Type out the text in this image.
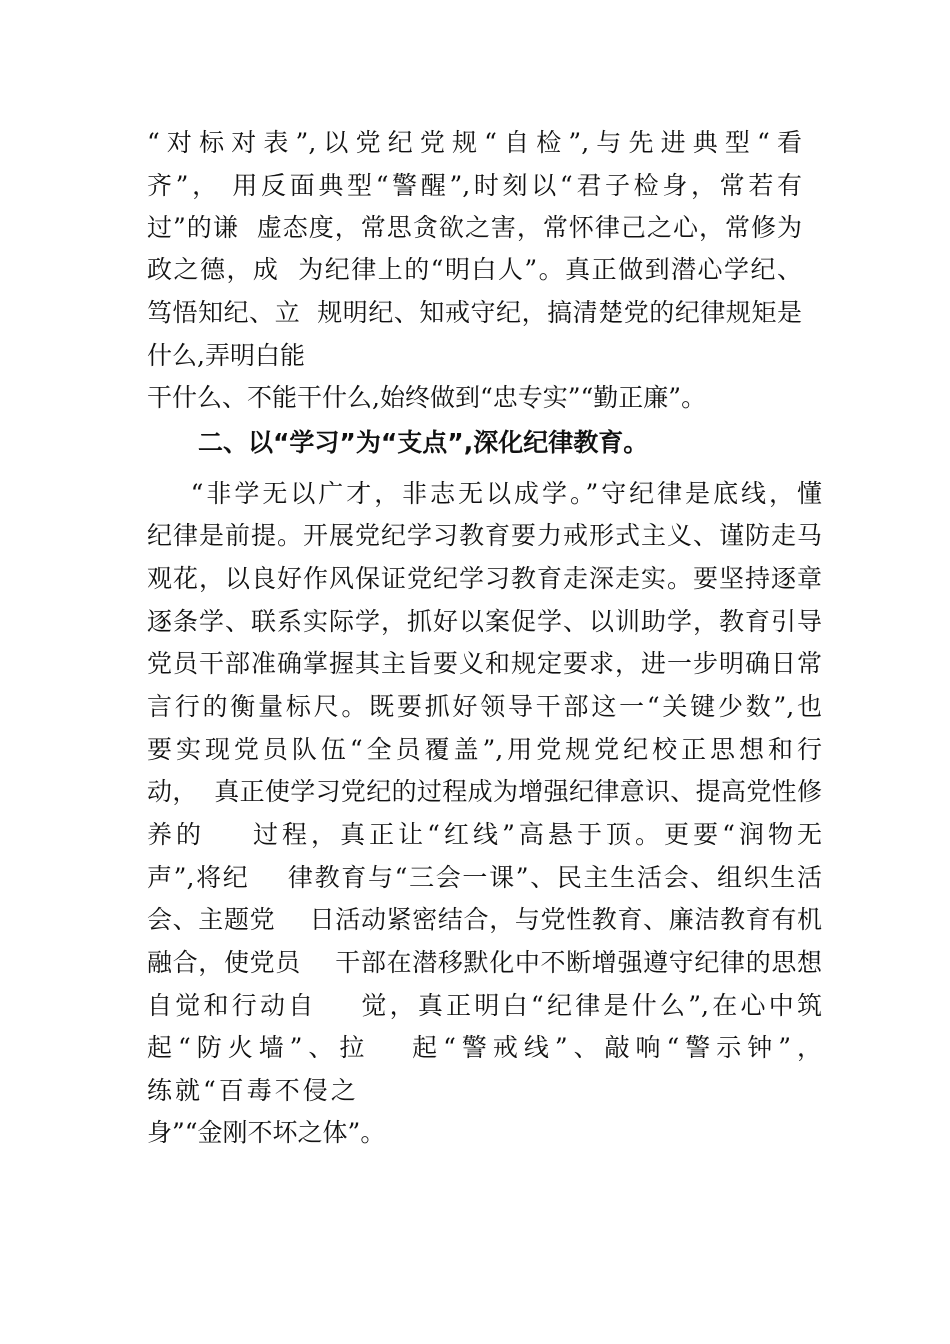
“对标对表”,以党纪党规“自检”,与先进典型“看
齐”， 用反面典型“警醒”,时刻以“君子检身，常若有
过”的谦  虚态度，常思贪欲之害，常怀律己之心，常修为
政之德，成  为纪律上的“明白人”。真正做到潜心学纪、
笃悟知纪、立  规明纪、知戒守纪，搞清楚党的纪律规矩是
什么,弄明白能
干什么、不能干什么,始终做到“忠专实”“勤正廉”。
二、以“学习”为“支点”,深化纪律教育。
“非学无以广才，非志无以成学。”守纪律是底线，懂
纪律是前提。开展党纪学习教育要力戒形式主义、谨防走马
观花，以良好作风保证党纪学习教育走深走实。要坚持逐章
逐条学、联系实际学，抓好以案促学、以训助学，教育引导
党员干部准确掌握其主旨要义和规定要求，进一步明确日常
言行的衡量标尺。既要抓好领导干部这一“关键少数”,也
要实现党员队伍“全员覆盖”,用党规党纪校正思想和行
动，  真正使学习党纪的过程成为增强纪律意识、提高党性修
养的    过程，真正让“红线”高悬于顶。更要“润物无
声”,将纪    律教育与“三会一课”、民主生活会、组织生活
会、主题党    日活动紧密结合，与党性教育、廉洁教育有机
融合，使党员    干部在潜移默化中不断增强遵守纪律的思想
自觉和行动自    觉，真正明白“纪律是什么”,在心中筑
起“防火墙”、拉   起“警戒线”、敲响“警示钟”，
练就“百毒不侵之
身”“金刚不坏之体”。
